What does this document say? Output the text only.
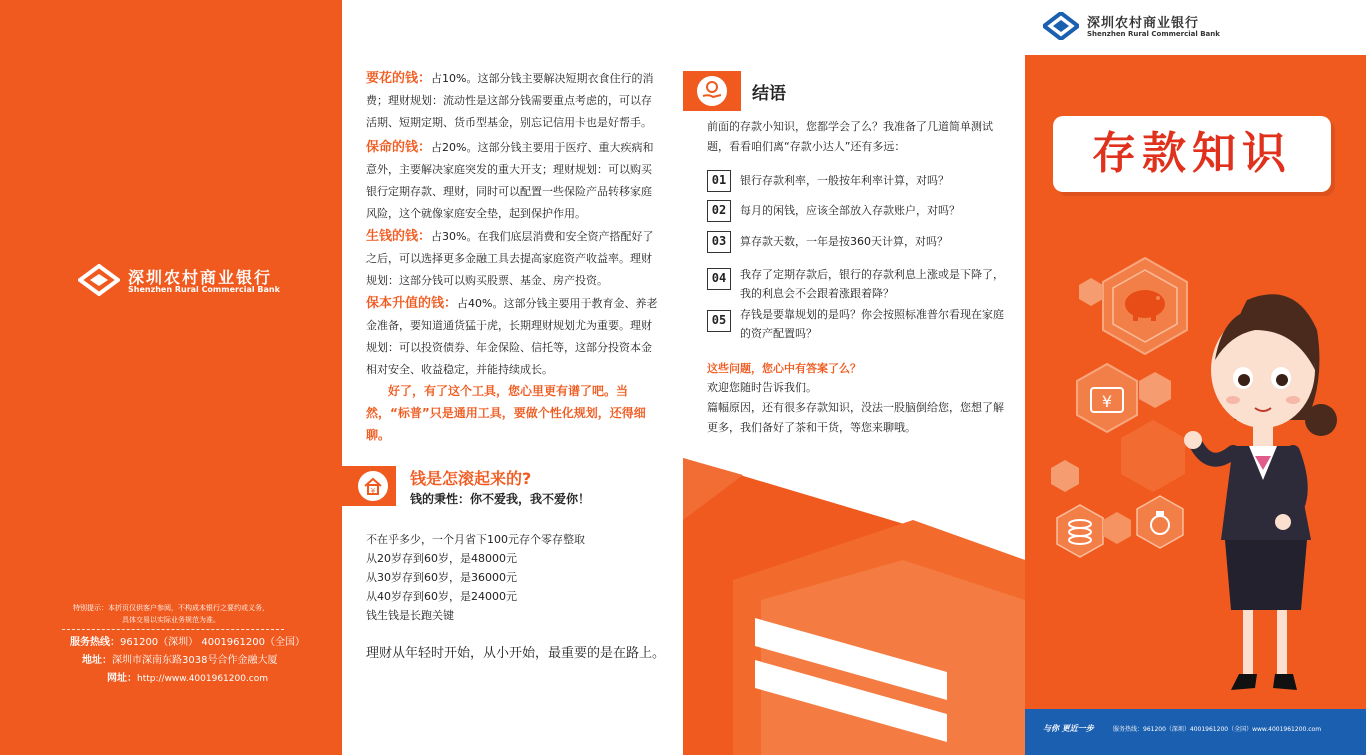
深圳农村商业银行
Shenzhen Rural Commercial Bank
特别提示：本折页仅供客户参阅，不构成本银行之要约或义务，
具体交易以实际业务规范为准。
服务热线：961200（深圳） 4001961200（全国）
地址：深圳市深南东路3038号合作金融大厦
网址：http://www.4001961200.com
要花的钱：占10%。这部分钱主要解决短期衣食住行的消费；理财规划：流动性是这部分钱需要重点考虑的，可以存活期、短期定期、货币型基金，别忘记信用卡也是好帮手。
保命的钱：占20%。这部分钱主要用于医疗、重大疾病和意外，主要解决家庭突发的重大开支；理财规划：可以购买银行定期存款、理财，同时可以配置一些保险产品转移家庭风险，这个就像家庭安全垫，起到保护作用。
生钱的钱：占30%。在我们底层消费和安全资产搭配好了之后，可以选择更多金融工具去提高家庭资产收益率。理财规划：这部分钱可以购买股票、基金、房产投资。
保本升值的钱：占40%。这部分钱主要用于教育金、养老金准备，要知道通货猛于虎，长期理财规划尤为重要。理财规划：可以投资债券、年金保险、信托等，这部分投资本金相对安全、收益稳定，并能持续成长。
好了，有了这个工具，您心里更有谱了吧。当然，“标普”只是通用工具，要做个性化规划，还得细聊。
¥
钱是怎滚起来的?
钱的秉性：你不爱我，我不爱你！
不在乎多少，一个月省下100元存个零存整取
从20岁存到60岁，是48000元
从30岁存到60岁，是36000元
从40岁存到60岁，是24000元
钱生钱是长跑关键
理财从年轻时开始，从小开始，最重要的是在路上。
结语
前面的存款小知识，您都学会了么？我准备了几道简单测试题，看看咱们离“存款小达人”还有多远：
01	银行存款利率，一般按年利率计算，对吗？
02	每月的闲钱，应该全部放入存款账户，对吗？
03	算存款天数，一年是按360天计算，对吗？
04	我存了定期存款后，银行的存款利息上涨或是下降了，我的利息会不会跟着涨跟着降？
05	存钱是要靠规划的是吗？你会按照标准普尔看现在家庭的资产配置吗？
这些问题，您心中有答案了么？
欢迎您随时告诉我们。
篇幅原因，还有很多存款知识，没法一股脑倒给您，您想了解更多，我们备好了茶和干货，等您来聊哦。
¥
深圳农村商业银行
Shenzhen Rural Commercial Bank
存款知识
与你 更近一步	服务热线：961200（深圳）4001961200（全国）www.4001961200.com
